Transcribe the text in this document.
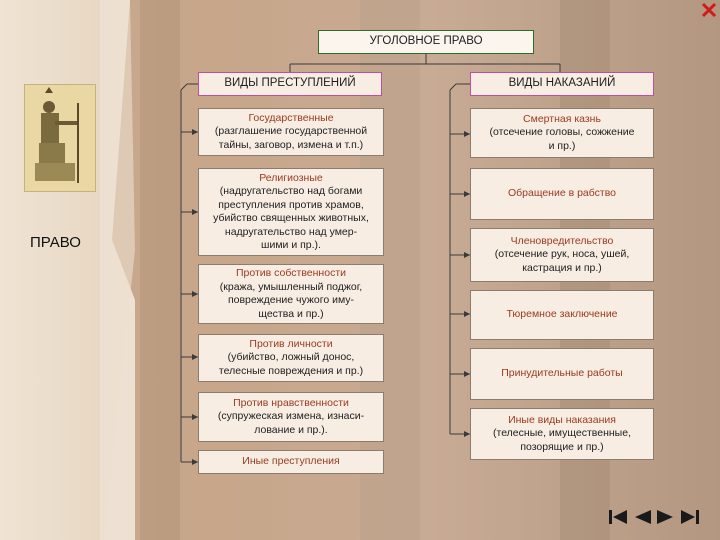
ПРАВО
УГОЛОВНОЕ ПРАВО
ВИДЫ ПРЕСТУПЛЕНИЙ	ВИДЫ НАКАЗАНИЙ
Государственные
(разглашение государственной
тайны, заговор, измена и т.п.)
Религиозные
(надругательство над богами
преступления против храмов,
убийство священных животных,
надругательство над умер-
шими и пр.).
Против собственности
(кража, умышленный поджог,
повреждение чужого иму-
щества и пр.)
Против личности
(убийство, ложный донос,
телесные повреждения и пр.)
Против нравственности
(супружеская измена, изнаси-
лование и пр.).
Иные преступления
Смертная казнь
(отсечение головы, сожжение
и пр.)
Обращение в рабство
Членовредительство
(отсечение рук, носа, ушей,
кастрация и пр.)
Тюремное заключение
Принудительные работы
Иные виды наказания
(телесные, имущественные,
позорящие и пр.)
